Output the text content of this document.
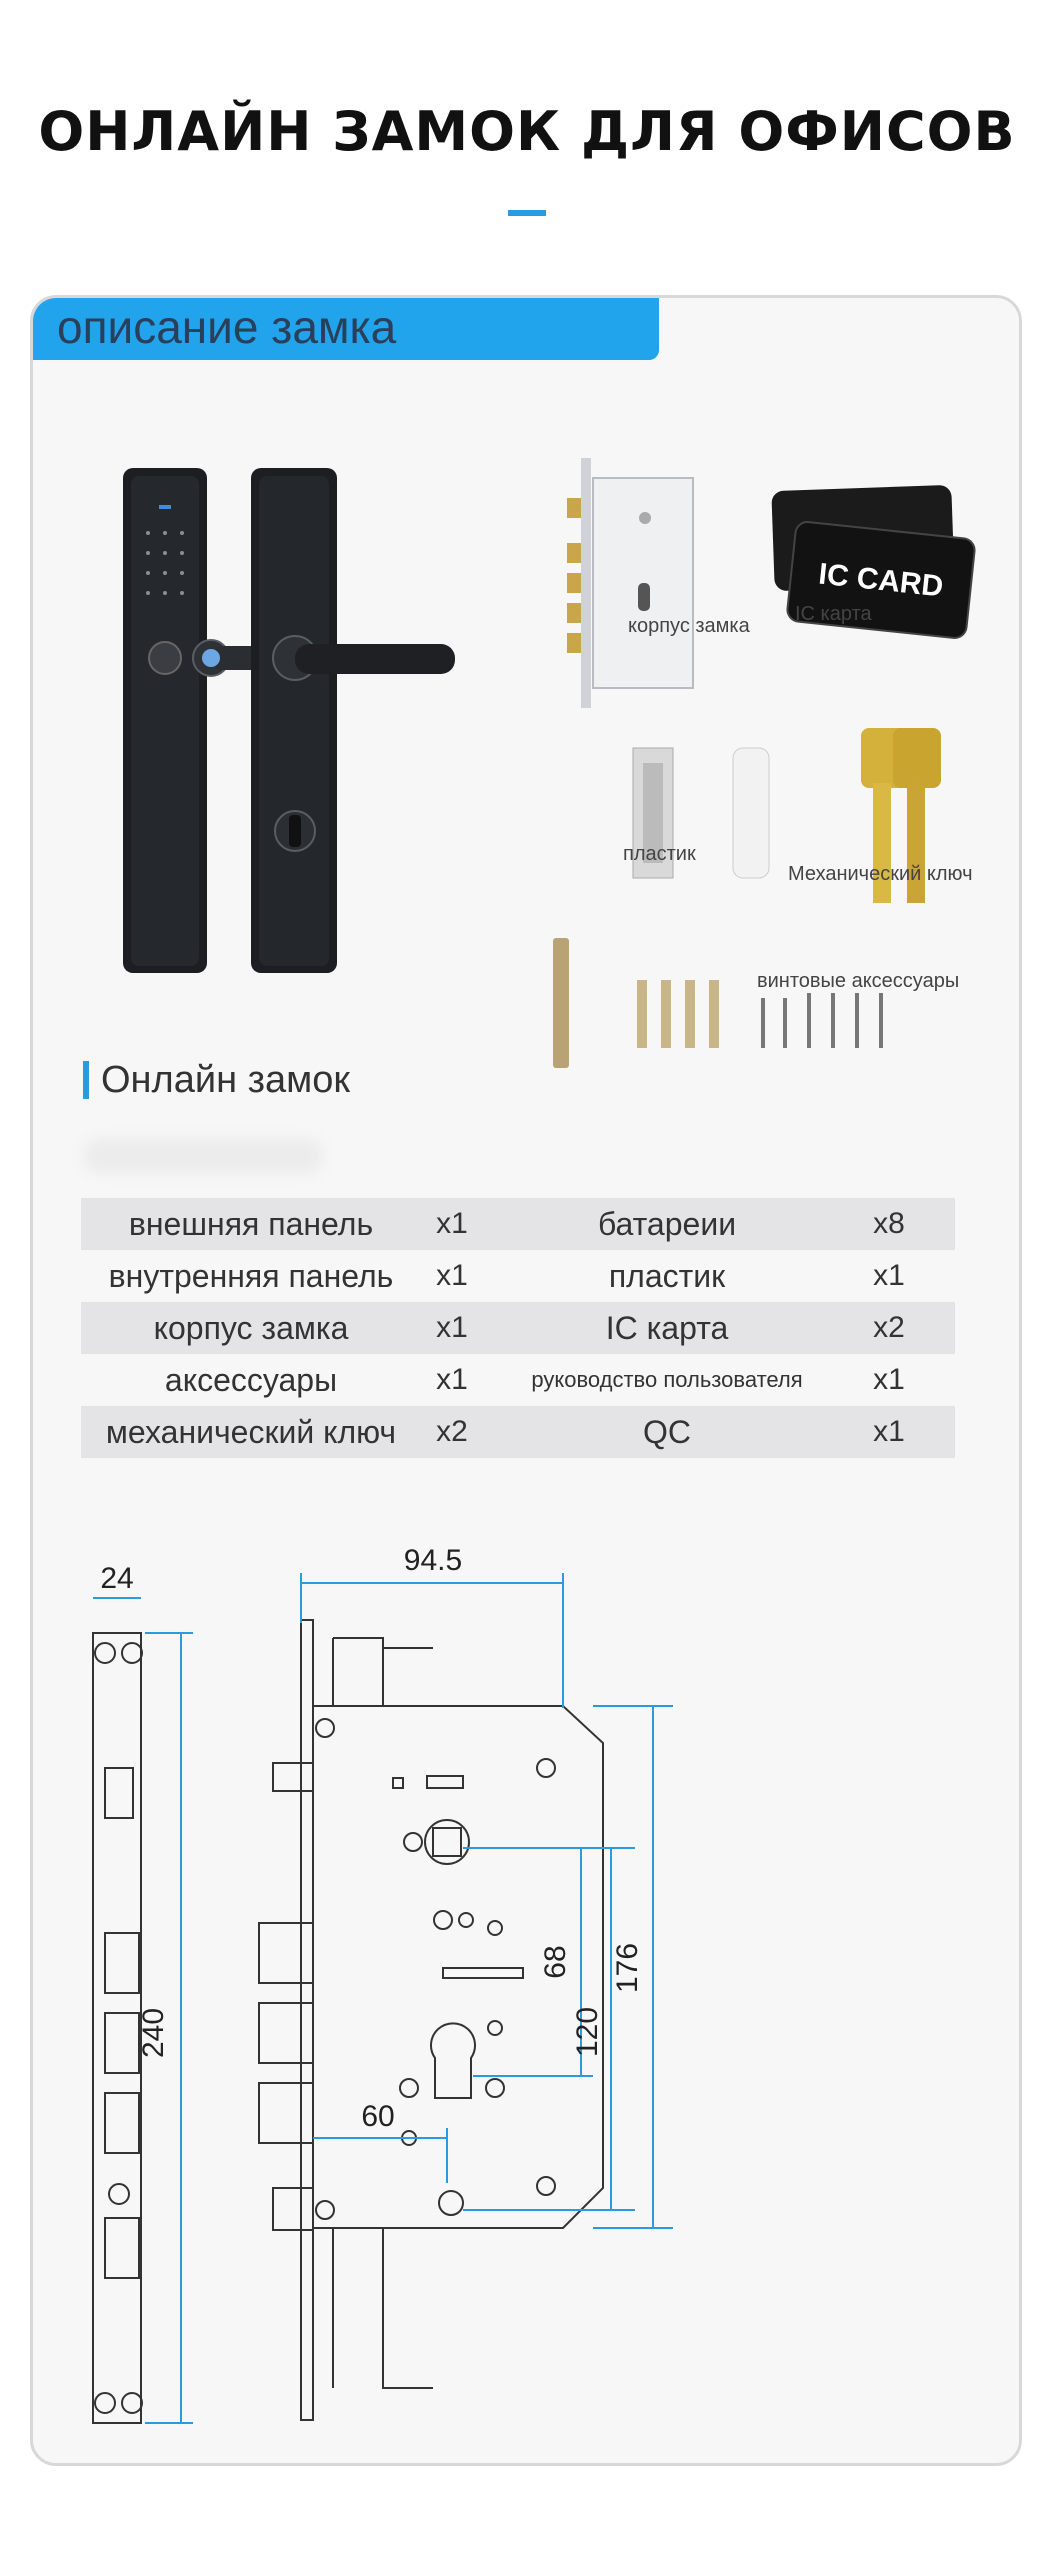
ОНЛАЙН ЗАМОК ДЛЯ ОФИСОВ
описание замка
IC CARD
корпус замка
IC карта
пластик
Механический ключ
винтовые аксессуары
Онлайн замок
внешняя панель	x1	батареии	x8
внутренняя панель	x1	пластик	x1
корпус замка	x1	IC карта	x2
аксессуары	x1	руководство пользователя	x1
механический ключ	x2	QC	x1
24
240
94.5
60
68
120
176
